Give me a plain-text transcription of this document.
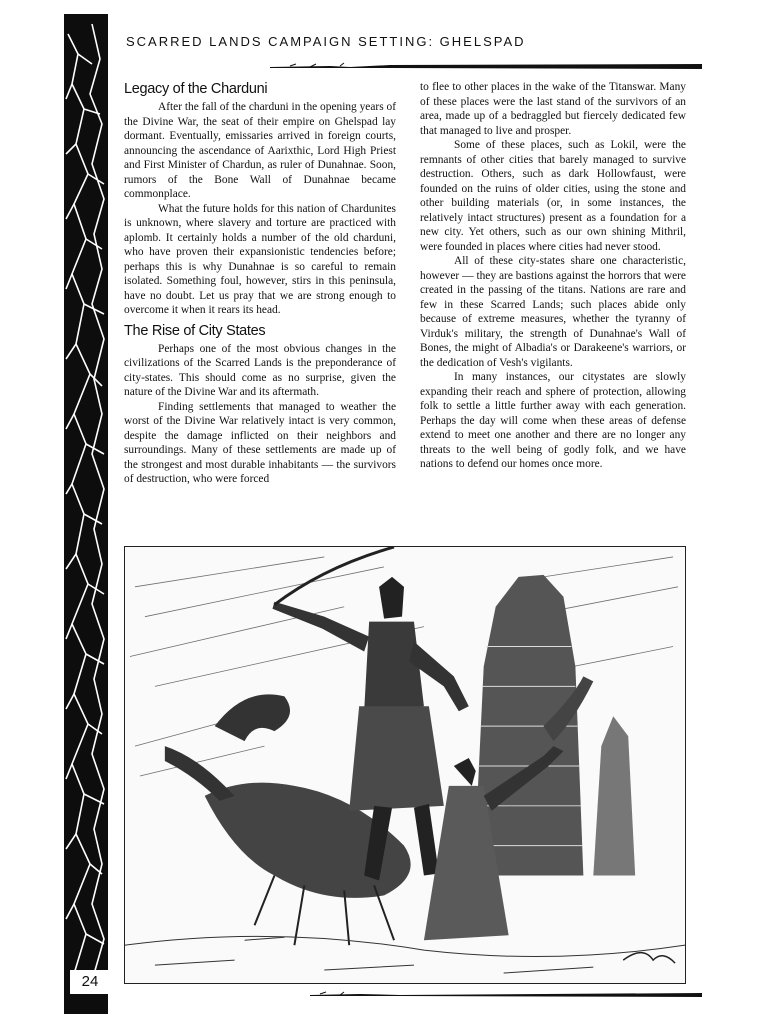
SCARRED LANDS CAMPAIGN SETTING: GHELSPAD
Legacy of the Charduni

After the fall of the charduni in the opening years of the Divine War, the seat of their empire on Ghelspad lay dormant. Eventually, emissaries arrived in foreign courts, announcing the ascendance of Aarixthic, Lord High Priest and First Minister of Chardun, as ruler of Dunahnae. Soon, rumors of the Bone Wall of Dunahnae became commonplace.

What the future holds for this nation of Chardunites is unknown, where slavery and torture are practiced with aplomb. It certainly holds a number of the old charduni, who have proven their expansionistic tendencies before; perhaps this is why Dunahnae is so careful to remain isolated. Something foul, however, stirs in this peninsula, have no doubt. Let us pray that we are strong enough to overcome it when it rears its head.

The Rise of City States

Perhaps one of the most obvious changes in the civilizations of the Scarred Lands is the preponderance of city-states. This should come as no surprise, given the nature of the Divine War and its aftermath.

Finding settlements that managed to weather the worst of the Divine War relatively intact is very common, despite the damage inflicted on their neighbors and surroundings. Many of these settlements are made up of the strongest and most durable inhabitants — the survivors of destruction, who were forced

to flee to other places in the wake of the Titanswar. Many of these places were the last stand of the survivors of an area, made up of a bedraggled but fiercely dedicated few that managed to live and prosper.

Some of these places, such as Lokil, were the remnants of other cities that barely managed to survive destruction. Others, such as dark Hollowfaust, were founded on the ruins of older cities, using the stone and other building materials (or, in some instances, the relatively intact structures) present as a foundation for a new city. Yet others, such as our own shining Mithril, were founded in places where cities had never stood.

All of these city-states share one characteristic, however — they are bastions against the horrors that were created in the passing of the titans. Nations are rare and few in these Scarred Lands; such places abide only because of extreme measures, whether the tyranny of Virduk's military, the strength of Dunahnae's Wall of Bones, the might of Albadia's or Darakeene's warriors, or the dedication of Vesh's vigilants.

In many instances, our citystates are slowly expanding their reach and sphere of protection, allowing folk to settle a little further away with each generation. Perhaps the day will come when these areas of defense extend to meet one another and there are no longer any threats to the well being of godly folk, and we have nations to defend our homes once more.

24
